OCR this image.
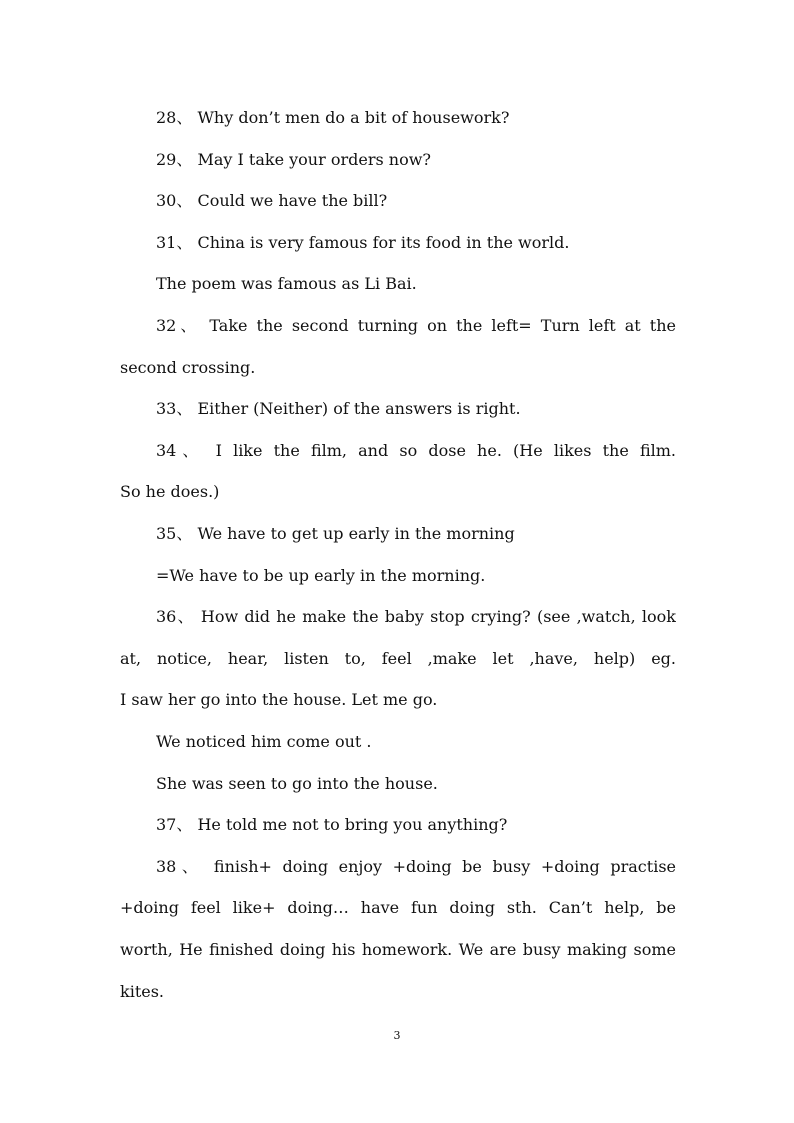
28、 Why don’t men do a bit of housework?
29、 May I take your orders now?
30、 Could we have the bill?
31、 China is very famous for its food in the world.
The poem was famous as Li Bai.
32、 Take the second turning on the left= Turn left at the
second crossing.
33、 Either (Neither) of the answers is right.
34、 I like the film, and so dose he. (He likes the film.
So he does.)
35、 We have to get up early in the morning
=We have to be up early in the morning.
36、 How did he make the baby stop crying? (see ,watch, look
at, notice, hear, listen to, feel ,make let ,have, help) eg.
I saw her go into the house. Let me go.
We noticed him come out .
She was seen to go into the house.
37、 He told me not to bring you anything?
38、 finish+ doing enjoy +doing be busy +doing practise
+doing feel like+ doing… have fun doing sth. Can’t help, be
worth, He finished doing his homework. We are busy making some
kites.
3
